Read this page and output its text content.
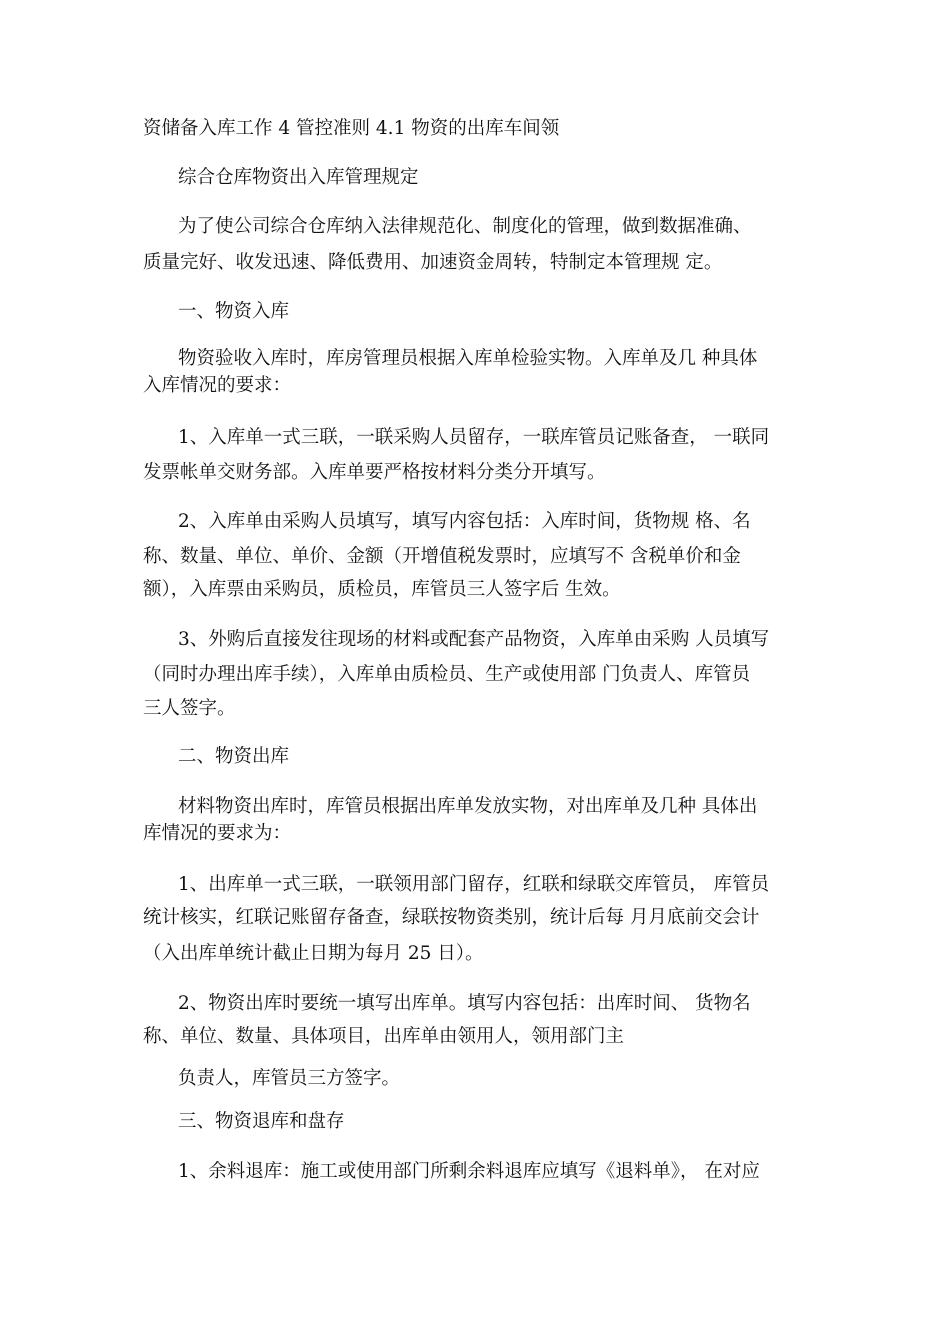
资储备入库工作 4 管控准则 4.1 物资的出库车间领
综合仓库物资出入库管理规定
为了使公司综合仓库纳入法律规范化、制度化的管理，做到数据准确、
质量完好、收发迅速、降低费用、加速资金周转，特制定本管理规 定。
一、物资入库
物资验收入库时，库房管理员根据入库单检验实物。入库单及几 种具体
入库情况的要求：
1、入库单一式三联，一联采购人员留存，一联库管员记账备查， 一联同
发票帐单交财务部。入库单要严格按材料分类分开填写。
2、入库单由采购人员填写，填写内容包括：入库时间，货物规 格、名
称、数量、单位、单价、金额（开增值税发票时，应填写不 含税单价和金
额），入库票由采购员，质检员，库管员三人签字后 生效。
3、外购后直接发往现场的材料或配套产品物资，入库单由采购 人员填写
（同时办理出库手续），入库单由质检员、生产或使用部 门负责人、库管员
三人签字。
二、物资出库
材料物资出库时，库管员根据出库单发放实物，对出库单及几种 具体出
库情况的要求为：
1、出库单一式三联，一联领用部门留存，红联和绿联交库管员， 库管员
统计核实，红联记账留存备查，绿联按物资类别，统计后每 月月底前交会计
（入出库单统计截止日期为每月 25 日）。
2、物资出库时要统一填写出库单。填写内容包括：出库时间、 货物名
称、单位、数量、具体项目，出库单由领用人，领用部门主
负责人，库管员三方签字。
三、物资退库和盘存
1、余料退库：施工或使用部门所剩余料退库应填写《退料单》， 在对应
